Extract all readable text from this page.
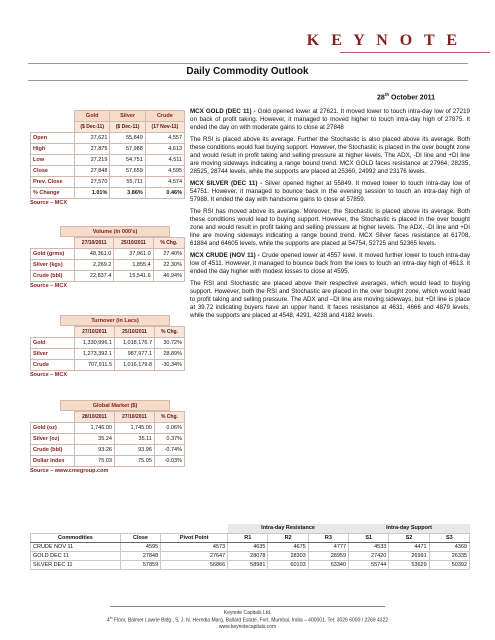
K E Y N O T E
Daily Commodity Outlook
28th October 2011
	Gold	Silver	Crude
	($ Dec-11)	($ Dec-11)	(17 Nov-11)
Open	27,621	55,849	4,557
High	27,875	57,988	4,613
Low	27,219	54,751	4,511
Close	27,848	57,659	4,595
Prev. Close	27,570	55,711	4,574
% Change	1.01%	3.86%	0.46%
Source – MCX
Volume (in 000's)
	27/10/2011	25/10/2011	% Chg.
Gold (grms)	48,361.0	37,961.0	27.40%
Silver (kgs)	2,269.2	1,855.4	22.30%
Crude (bbl)	22,837.4	15,541.6	46.94%
Source – MCX
Turnover (in Lacs)
	27/10/2011	25/10/2011	% Chg.
Gold	1,330,996.1	1,018,176.7	30.72%
Silver	1,273,392.1	987,977.1	28.89%
Crude	707,911.5	1,016,179.8	-30.34%
Source – MCX
Global Market ($)
	28/10/2011	27/10/2011	% Chg.
Gold (oz)	1,746.00	1,745.00	0.06%
Silver (oz)	35.24	35.11	0.37%
Crude (bbl)	93.26	93.96	-0.74%
Dollar Index	75.03	75.05	-0.03%
Source – www.cmegroup.com

MCX GOLD (DEC 11) - Gold opened lower at 27621. It moved lower to touch intra-day low of 27219 on back of profit taking. However, it managed to moved higher to touch intra-day high of 27875. It ended the day on with moderate gains to close at 27848

The RSI is placed above its average. Further the Stochastic is also placed above its average. Both these conditions would fuel buying support. However, the Stochastic is placed in the over bought zone and would result in profit taking and selling pressure at higher levels. The ADX, -DI line and +DI line are moving sideways indicating a range bound trend. MCX GOLD faces resistance at 27964, 28235, 28525, 28744 levels, while the supports are placed at 25360, 24992 and 23176 levels.

MCX SILVER (DEC 11) - Silver opened higher at 55849. It moved lower to touch intra-day low of 54751. However, it managed to bounce back in the evening session to touch an intra-day high of 57988. It ended the day with handsome gains to close at 57859.

The RSI has moved above its average. Moreover, the Stochastic is placed above its average. Both these conditions would lead to buying support. However, the Stochastic is placed in the over bought zone and would result in profit taking and selling pressure at higher levels. The ADX, -DI line and +DI line are moving sideways indicating a range bound trend. MCX Silver faces resistance at 61708, 61884 and 64605 levels, while the supports are placed at 54754, 52725 and 52365 levels.

MCX CRUDE (NOV 11) - Crude opened lower at 4557 level. It moved further lower to touch intra-day low of 4511. However, it managed to bounce back from the lows to touch an intra-day high of 4613. It ended the day higher with modest losses to close at 4595.

The RSI and Stochastic are placed above their respective averages, which would lead to buying support. However, both the RSI and Stochastic are placed in the over bought zone, which would lead to profit taking and selling pressure. The ADX and –DI line are moving sideways, but +DI line is place at 39.72 indicating buyers have an upper hand. It faces resistance at 4631, 4666 and 4879 levels, while the supports are placed at 4548, 4291, 4238 and 4182 levels.

			Intra-day Resistance			Intra-day Support		
Commodities	Close	Pivot Point	R1	R2	R3	S1	S2	S3
CRUDE NOV 11	4595	4573	4635	4675	4777	4533	4471	4369
GOLD DEC 11	27848	27647	28078	28303	28959	27420	26991	26335
SILVER DEC 11	57859	56866	58981	60103	63340	55744	53629	50392
Keynote Capitals Ltd.
4th Floor, Balmer Lawrie Bldg., 5, J. N. Heredia Marg, Ballard Estate, Fort, Mumbai, India – 400001. Tel: 3026 6000 / 2269 4322
www.keynotecapitals.com
